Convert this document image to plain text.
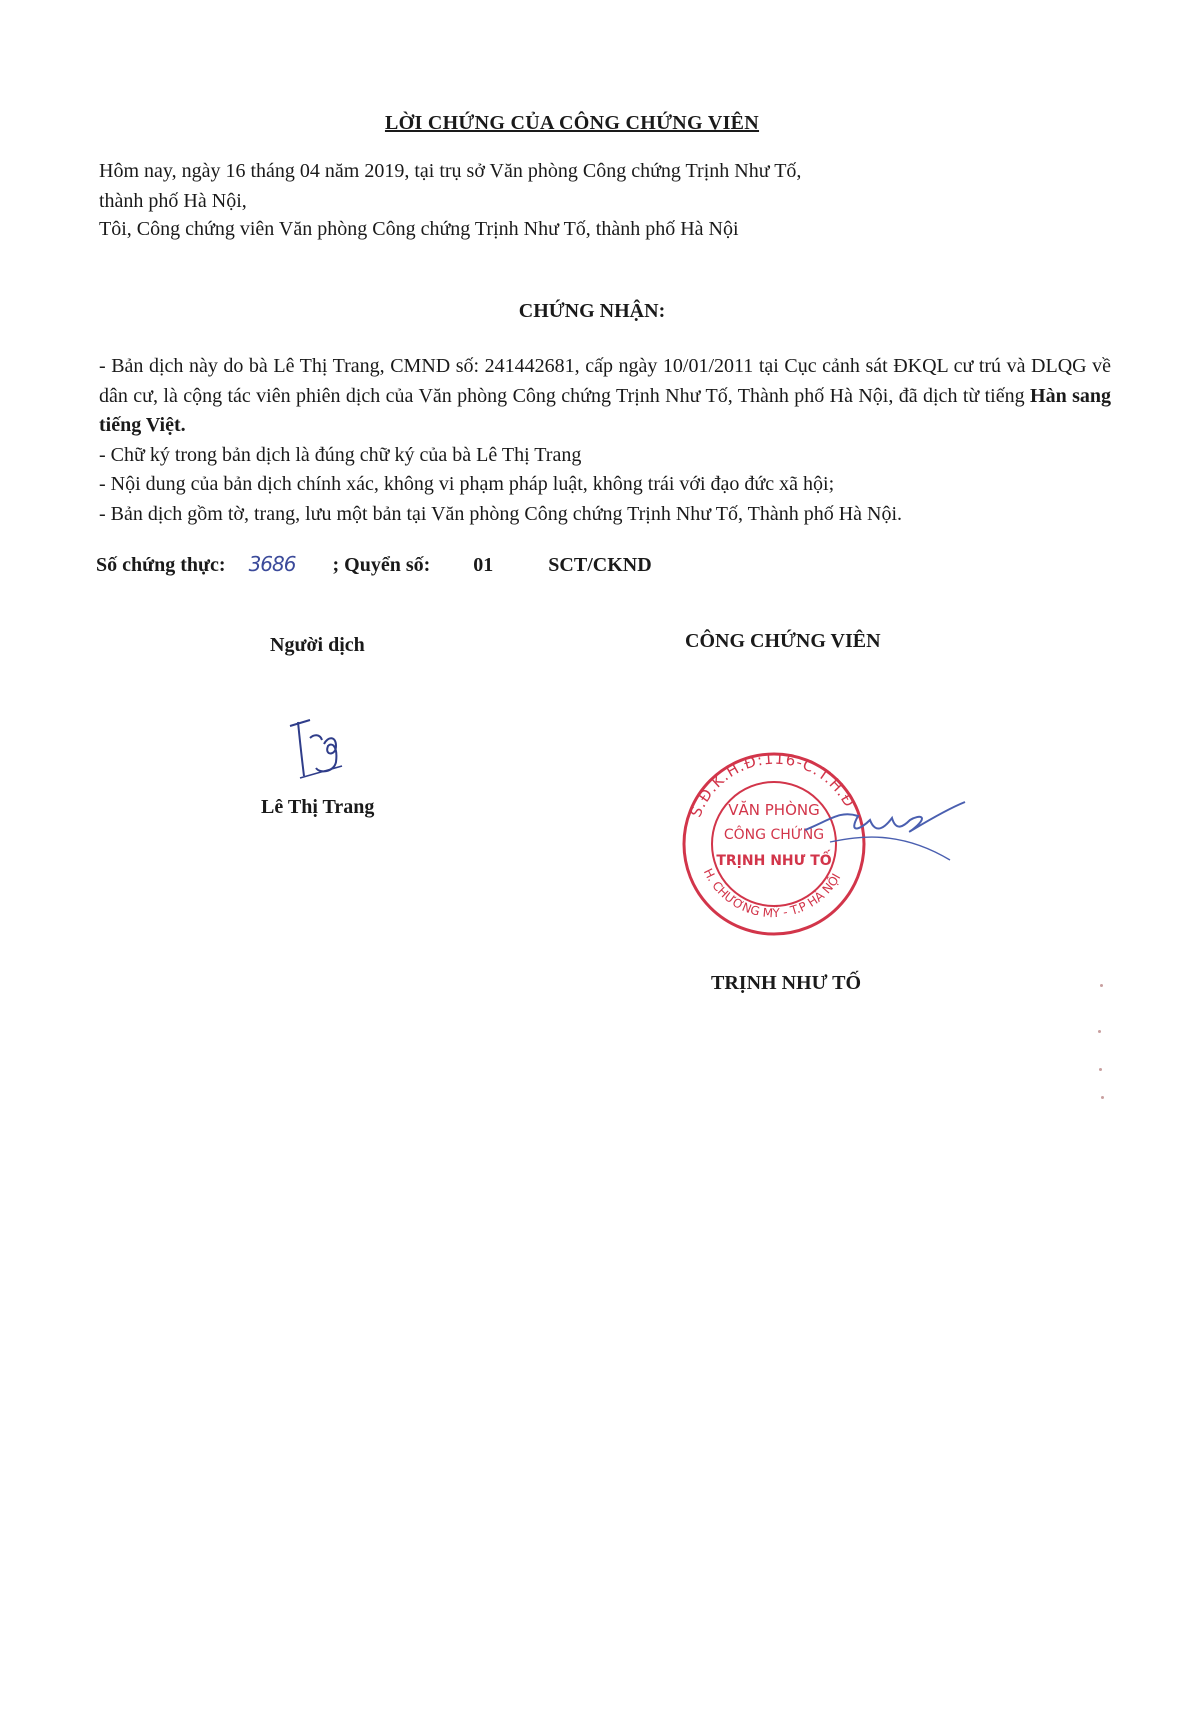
LỜI CHỨNG CỦA CÔNG CHỨNG VIÊN
Hôm nay, ngày 16 tháng 04 năm 2019, tại trụ sở Văn phòng Công chứng Trịnh Như Tố,
thành phố Hà Nội,
Tôi, Công chứng viên Văn phòng Công chứng Trịnh Như Tố, thành phố Hà Nội
CHỨNG NHẬN:

- Bản dịch này do bà Lê Thị Trang, CMND số: 241442681, cấp ngày 10/01/2011 tại Cục cảnh sát ĐKQL cư trú và DLQG về dân cư, là cộng tác viên phiên dịch của Văn phòng Công chứng Trịnh Như Tố, Thành phố Hà Nội, đã dịch từ tiếng Hàn sang tiếng Việt.

- Chữ ký trong bản dịch là đúng chữ ký của bà Lê Thị Trang

- Nội dung của bản dịch chính xác, không vi phạm pháp luật, không trái với đạo đức xã hội;

- Bản dịch gồm tờ, trang, lưu một bản tại Văn phòng Công chứng Trịnh Như Tố, Thành phố Hà Nội.

Số chứng thực: 3686 ; Quyển số: 01	SCT/CKND
Người dịch	CÔNG CHỨNG VIÊN
Lê Thị Trang	S.Đ.K.H.Đ:116-C.T.H.Đ
H. CHƯƠNG MỸ - T.P HÀ NỘI
VĂN PHÒNG
CÔNG CHỨNG
TRỊNH NHƯ TỐ
TRỊNH NHƯ TỐ
